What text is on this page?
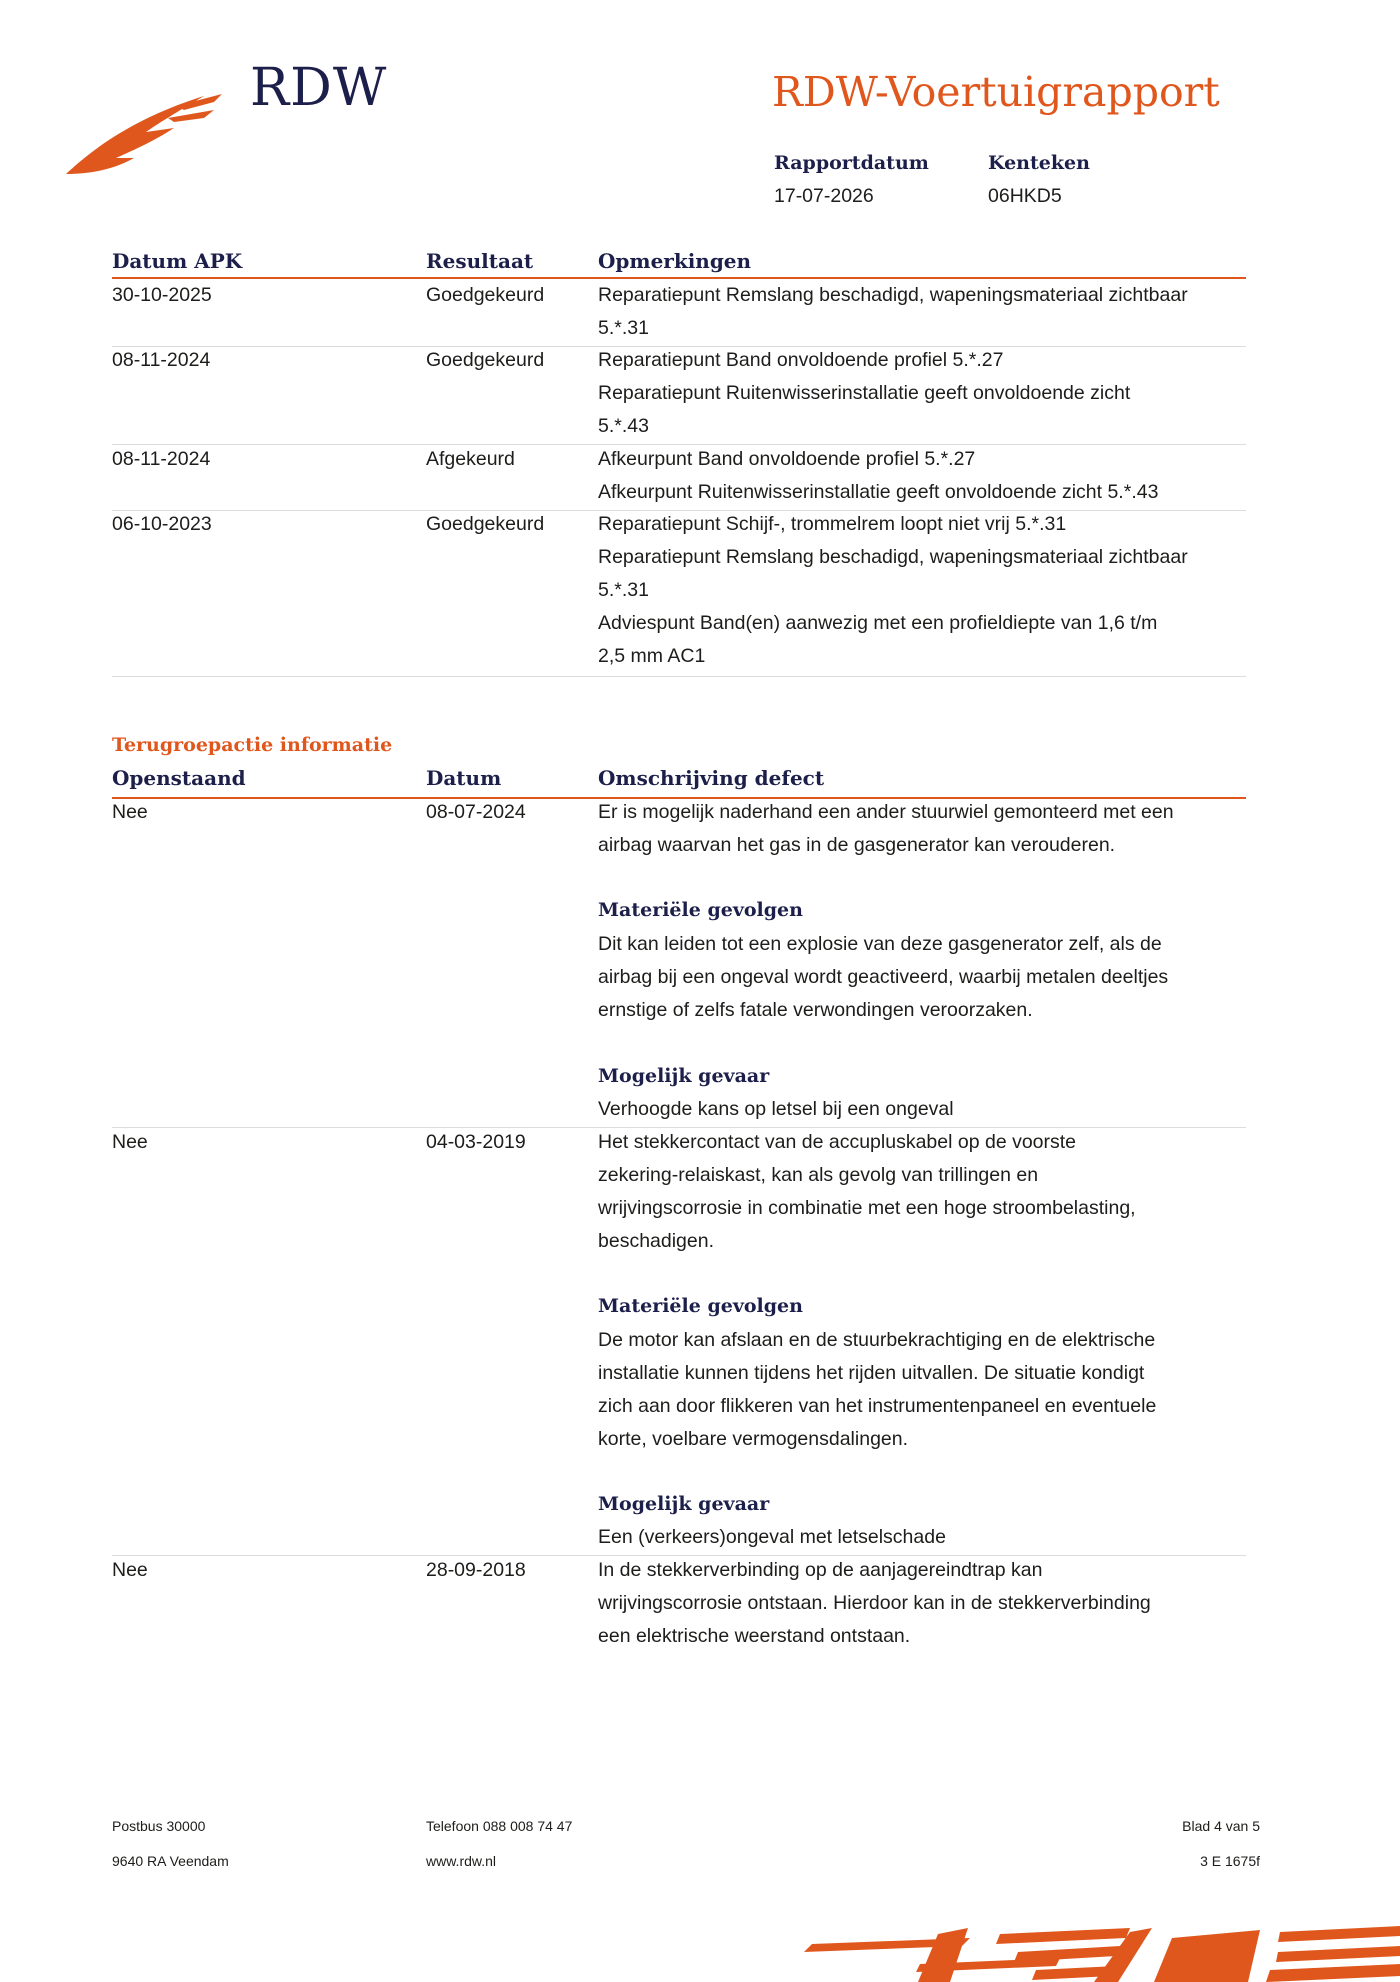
RDW	RDW-Voertuigrapport
Rapportdatum
17-07-2026
Kenteken
06HKD5
Datum APK	Resultaat	Opmerkingen
30-10-2025	Goedgekeurd	Reparatiepunt Remslang beschadigd, wapeningsmateriaal zichtbaar
5.*.31
08-11-2024	Goedgekeurd	Reparatiepunt Band onvoldoende profiel 5.*.27
Reparatiepunt Ruitenwisserinstallatie geeft onvoldoende zicht
5.*.43
08-11-2024	Afgekeurd	Afkeurpunt Band onvoldoende profiel 5.*.27
Afkeurpunt Ruitenwisserinstallatie geeft onvoldoende zicht 5.*.43
06-10-2023	Goedgekeurd	Reparatiepunt Schijf-, trommelrem loopt niet vrij 5.*.31
Reparatiepunt Remslang beschadigd, wapeningsmateriaal zichtbaar
5.*.31
Adviespunt Band(en) aanwezig met een profieldiepte van 1,6 t/m
2,5 mm AC1
Terugroepactie informatie
Openstaand	Datum	Omschrijving defect
Nee	08-07-2024	Er is mogelijk naderhand een ander stuurwiel gemonteerd met een
airbag waarvan het gas in de gasgenerator kan verouderen.
Materiële gevolgen
Dit kan leiden tot een explosie van deze gasgenerator zelf, als de
airbag bij een ongeval wordt geactiveerd, waarbij metalen deeltjes
ernstige of zelfs fatale verwondingen veroorzaken.
Mogelijk gevaar
Verhoogde kans op letsel bij een ongeval
Nee	04-03-2019	Het stekkercontact van de accupluskabel op de voorste
zekering-relaiskast, kan als gevolg van trillingen en
wrijvingscorrosie in combinatie met een hoge stroombelasting,
beschadigen.
Materiële gevolgen
De motor kan afslaan en de stuurbekrachtiging en de elektrische
installatie kunnen tijdens het rijden uitvallen. De situatie kondigt
zich aan door flikkeren van het instrumentenpaneel en eventuele
korte, voelbare vermogensdalingen.
Mogelijk gevaar
Een (verkeers)ongeval met letselschade
Nee	28-09-2018	In de stekkerverbinding op de aanjagereindtrap kan
wrijvingscorrosie ontstaan. Hierdoor kan in de stekkerverbinding
een elektrische weerstand ontstaan.
Postbus 30000
9640 RA Veendam
Telefoon 088 008 74 47
www.rdw.nl
Blad 4 van 5
3 E 1675f
